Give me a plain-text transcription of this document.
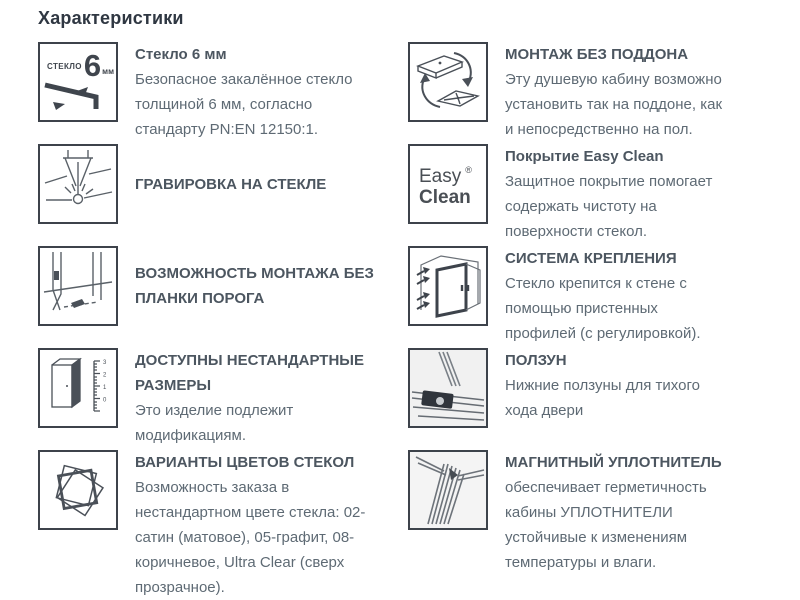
Характеристики
СТЕКЛО 6 мм
Стекло 6 мм
Безопасное закалённое стекло толщиной 6 мм, согласно стандарту PN:EN 12150:1.
МОНТАЖ БЕЗ ПОДДОНА
Эту душевую кабину возможно установить так на поддоне, как и непосредственно на пол.
ГРАВИРОВКА НА СТЕКЛЕ	Easy ®
Clean
Покрытие Easy Clean
Защитное покрытие помогает содержать чистоту на поверхности стекол.
ВОЗМОЖНОСТЬ МОНТАЖА БЕЗ ПЛАНКИ ПОРОГА
СИСТЕМА КРЕПЛЕНИЯ
Стекло крепится к стене с помощью пристенных профилей (с регулировкой).
3
2
1
0
ДОСТУПНЫ НЕСТАНДАРТНЫЕ РАЗМЕРЫ
Это изделие подлежит модификациям.
ПОЛЗУН
Нижние ползуны для тихого хода двери
ВАРИАНТЫ ЦВЕТОВ СТЕКОЛ
Возможность заказа в нестандартном цвете стекла: 02-сатин (матовое), 05-графит, 08-коричневое, Ultra Clear (сверх прозрачное).
МАГНИТНЫЙ УПЛОТНИТЕЛЬ
обеспечивает герметичность кабины УПЛОТНИТЕЛИ устойчивые к изменениям температуры и влаги.
